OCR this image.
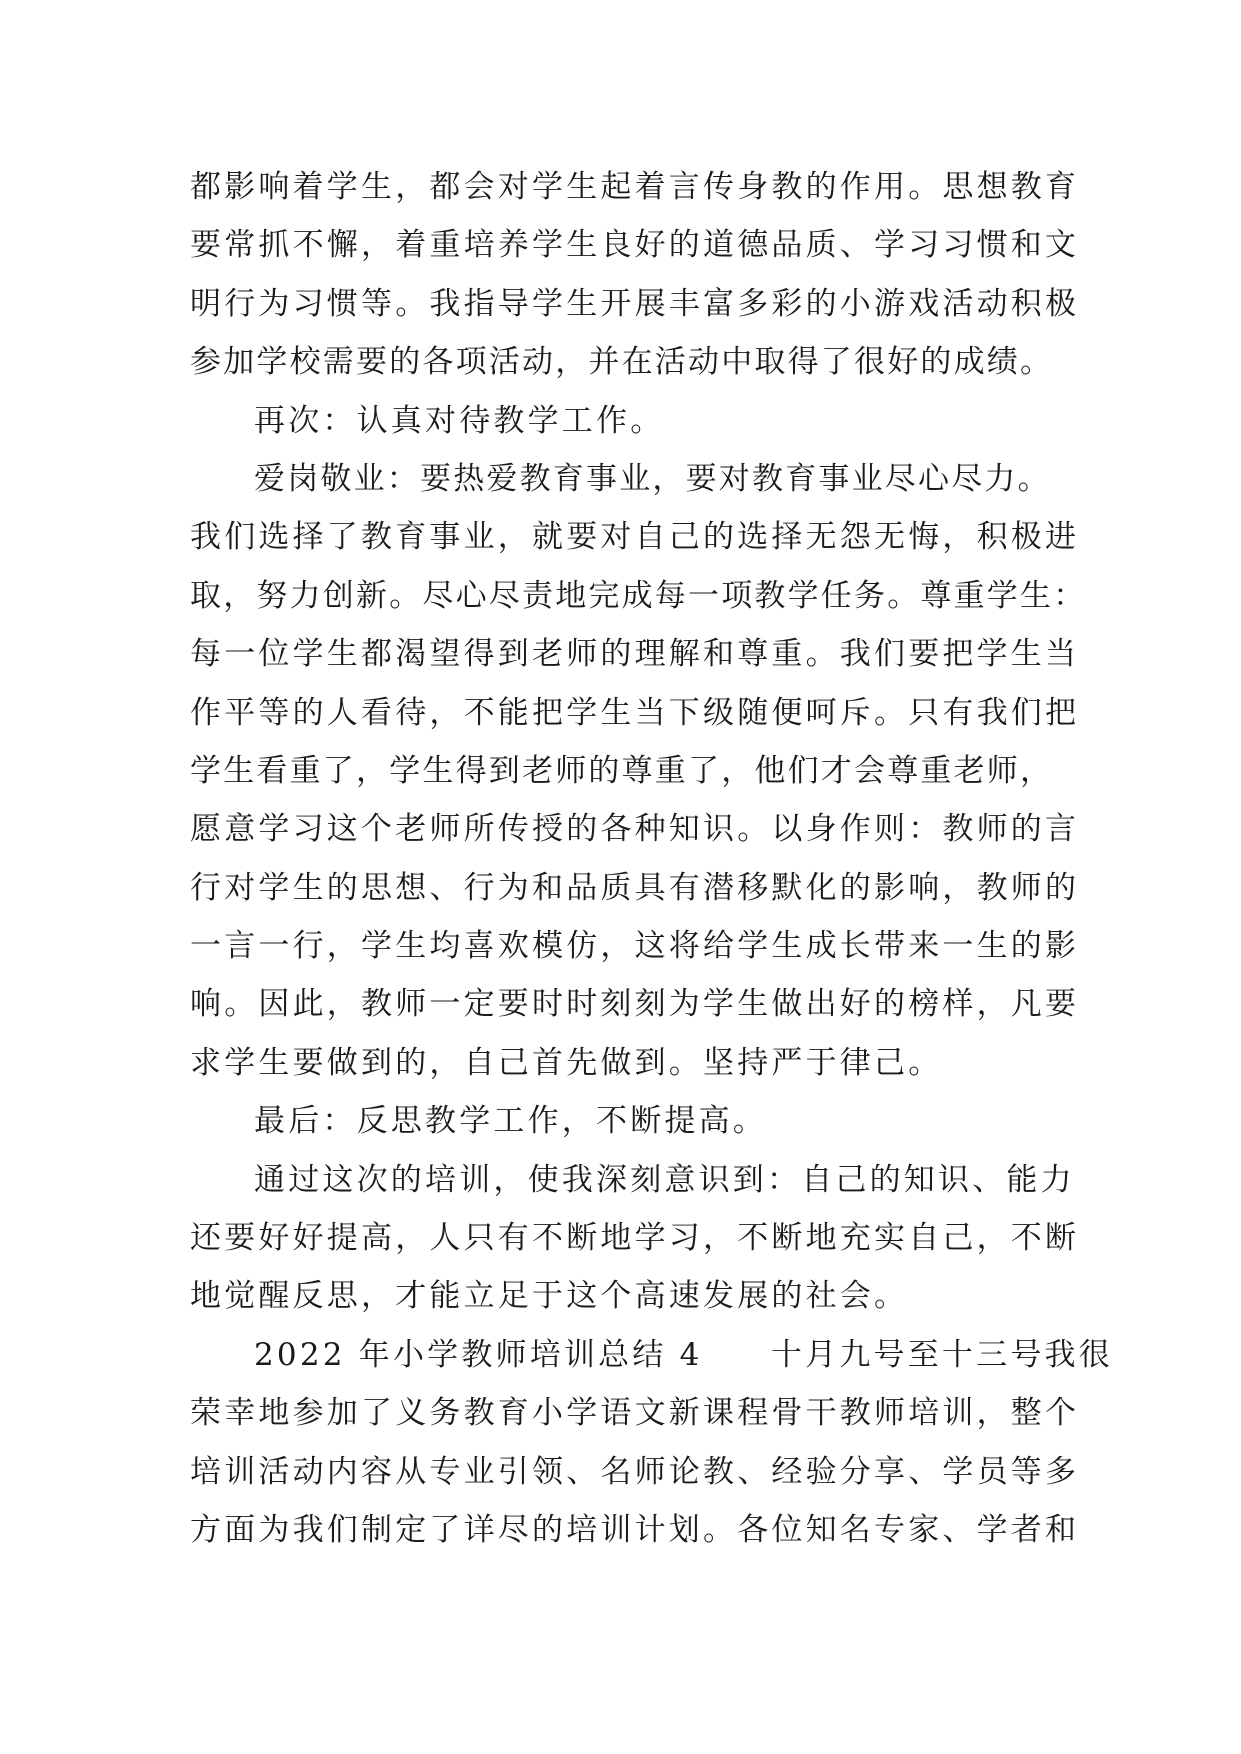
都影响着学生，都会对学生起着言传身教的作用。思想教育
要常抓不懈，着重培养学生良好的道德品质、学习习惯和文
明行为习惯等。我指导学生开展丰富多彩的小游戏活动积极
参加学校需要的各项活动，并在活动中取得了很好的成绩。
再次：认真对待教学工作。
爱岗敬业：要热爱教育事业，要对教育事业尽心尽力。
我们选择了教育事业，就要对自己的选择无怨无悔，积极进
取，努力创新。尽心尽责地完成每一项教学任务。尊重学生：
每一位学生都渴望得到老师的理解和尊重。我们要把学生当
作平等的人看待，不能把学生当下级随便呵斥。只有我们把
学生看重了，学生得到老师的尊重了，他们才会尊重老师，
愿意学习这个老师所传授的各种知识。以身作则：教师的言
行对学生的思想、行为和品质具有潜移默化的影响，教师的
一言一行，学生均喜欢模仿，这将给学生成长带来一生的影
响。因此，教师一定要时时刻刻为学生做出好的榜样，凡要
求学生要做到的，自己首先做到。坚持严于律己。
最后：反思教学工作，不断提高。
通过这次的培训，使我深刻意识到：自己的知识、能力
还要好好提高，人只有不断地学习，不断地充实自己，不断
地觉醒反思，才能立足于这个高速发展的社会。
2022 年小学教师培训总结 4　　十月九号至十三号我很
荣幸地参加了义务教育小学语文新课程骨干教师培训，整个
培训活动内容从专业引领、名师论教、经验分享、学员等多
方面为我们制定了详尽的培训计划。各位知名专家、学者和
